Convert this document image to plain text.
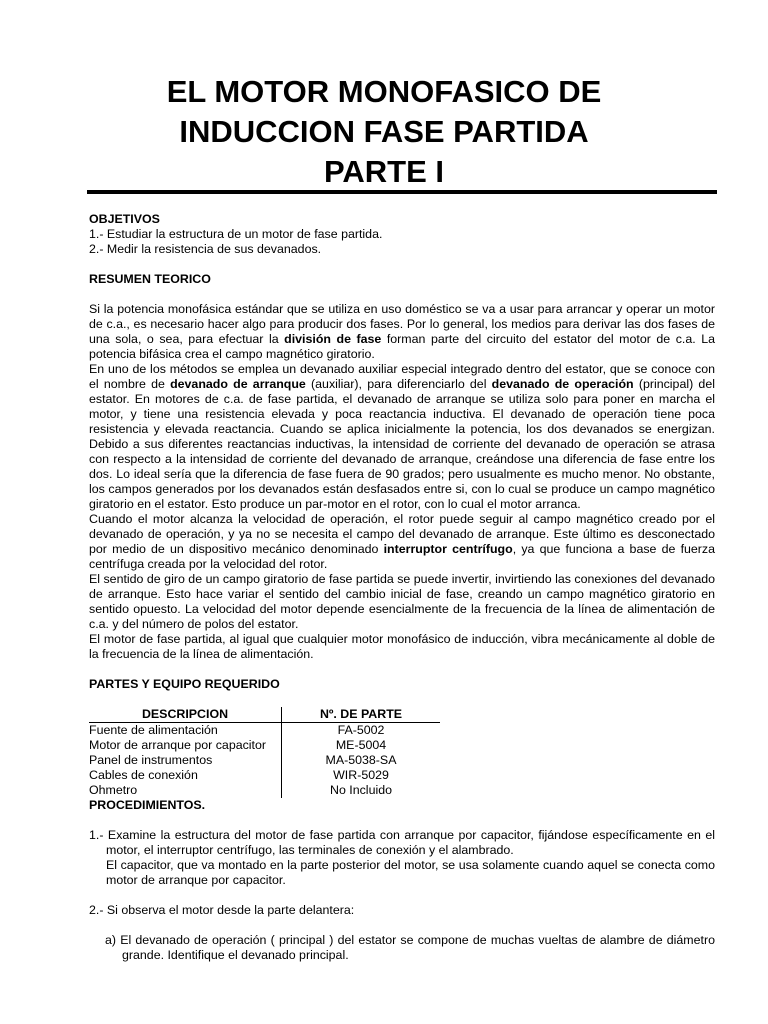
EL MOTOR MONOFASICO DE
INDUCCION FASE PARTIDA
PARTE I
OBJETIVOS
1.- Estudiar la estructura de un motor de fase partida.
2.- Medir la resistencia de sus devanados.
RESUMEN TEORICO
Si la potencia monofásica estándar que se utiliza en uso doméstico se va a usar para arrancar y operar un motor de c.a., es necesario hacer algo para producir dos fases. Por lo general, los medios para derivar las dos fases de una sola, o sea, para efectuar la división de fase forman parte del circuito del estator del motor de c.a. La potencia bifásica crea el campo magnético giratorio.
En uno de los métodos se emplea un devanado auxiliar especial integrado dentro del estator, que se conoce con el nombre de devanado de arranque (auxiliar), para diferenciarlo del devanado de operación (principal) del estator. En motores de c.a. de fase partida, el devanado de arranque se utiliza solo para poner en marcha el motor, y tiene una resistencia elevada y poca reactancia inductiva. El devanado de operación tiene poca resistencia y elevada reactancia. Cuando se aplica inicialmente la potencia, los dos devanados se energizan. Debido a sus diferentes reactancias inductivas, la intensidad de corriente del devanado de operación se atrasa con respecto a la intensidad de corriente del devanado de arranque, creándose una diferencia de fase entre los dos. Lo ideal sería que la diferencia de fase fuera de 90 grados; pero usualmente es mucho menor. No obstante, los campos generados por los devanados están desfasados entre si, con lo cual se produce un campo magnético giratorio en el estator. Esto produce un par-motor en el rotor, con lo cual el motor arranca.
Cuando el motor alcanza la velocidad de operación, el rotor puede seguir al campo magnético creado por el devanado de operación, y ya no se necesita el campo del devanado de arranque. Este último es desconectado por medio de un dispositivo mecánico denominado interruptor centrífugo, ya que funciona a base de fuerza centrífuga creada por la velocidad del rotor.
El sentido de giro de un campo giratorio de fase partida se puede invertir, invirtiendo las conexiones del devanado de arranque. Esto hace variar el sentido del cambio inicial de fase, creando un campo magnético giratorio en sentido opuesto. La velocidad del motor depende esencialmente de la frecuencia de la línea de alimentación de c.a. y del número de polos del estator.
El motor de fase partida, al igual que cualquier motor monofásico de inducción, vibra mecánicamente al doble de la frecuencia de la línea de alimentación.
PARTES Y EQUIPO REQUERIDO
DESCRIPCION	Nº. DE PARTE
Fuente de alimentación	FA-5002
Motor de arranque por capacitor	ME-5004
Panel de instrumentos	MA-5038-SA
Cables de conexión	WIR-5029
Ohmetro	No Incluido
PROCEDIMIENTOS.
1.- Examine la estructura del motor de fase partida con arranque por capacitor, fijándose específicamente en el motor, el interruptor centrífugo, las terminales de conexión y el alambrado.
El capacitor, que va montado en la parte posterior del motor, se usa solamente cuando aquel se conecta como motor de arranque por capacitor.
2.- Si observa el motor desde la parte delantera:
a) El devanado de operación ( principal ) del estator se compone de muchas vueltas de alambre de diámetro grande. Identifique el devanado principal.
